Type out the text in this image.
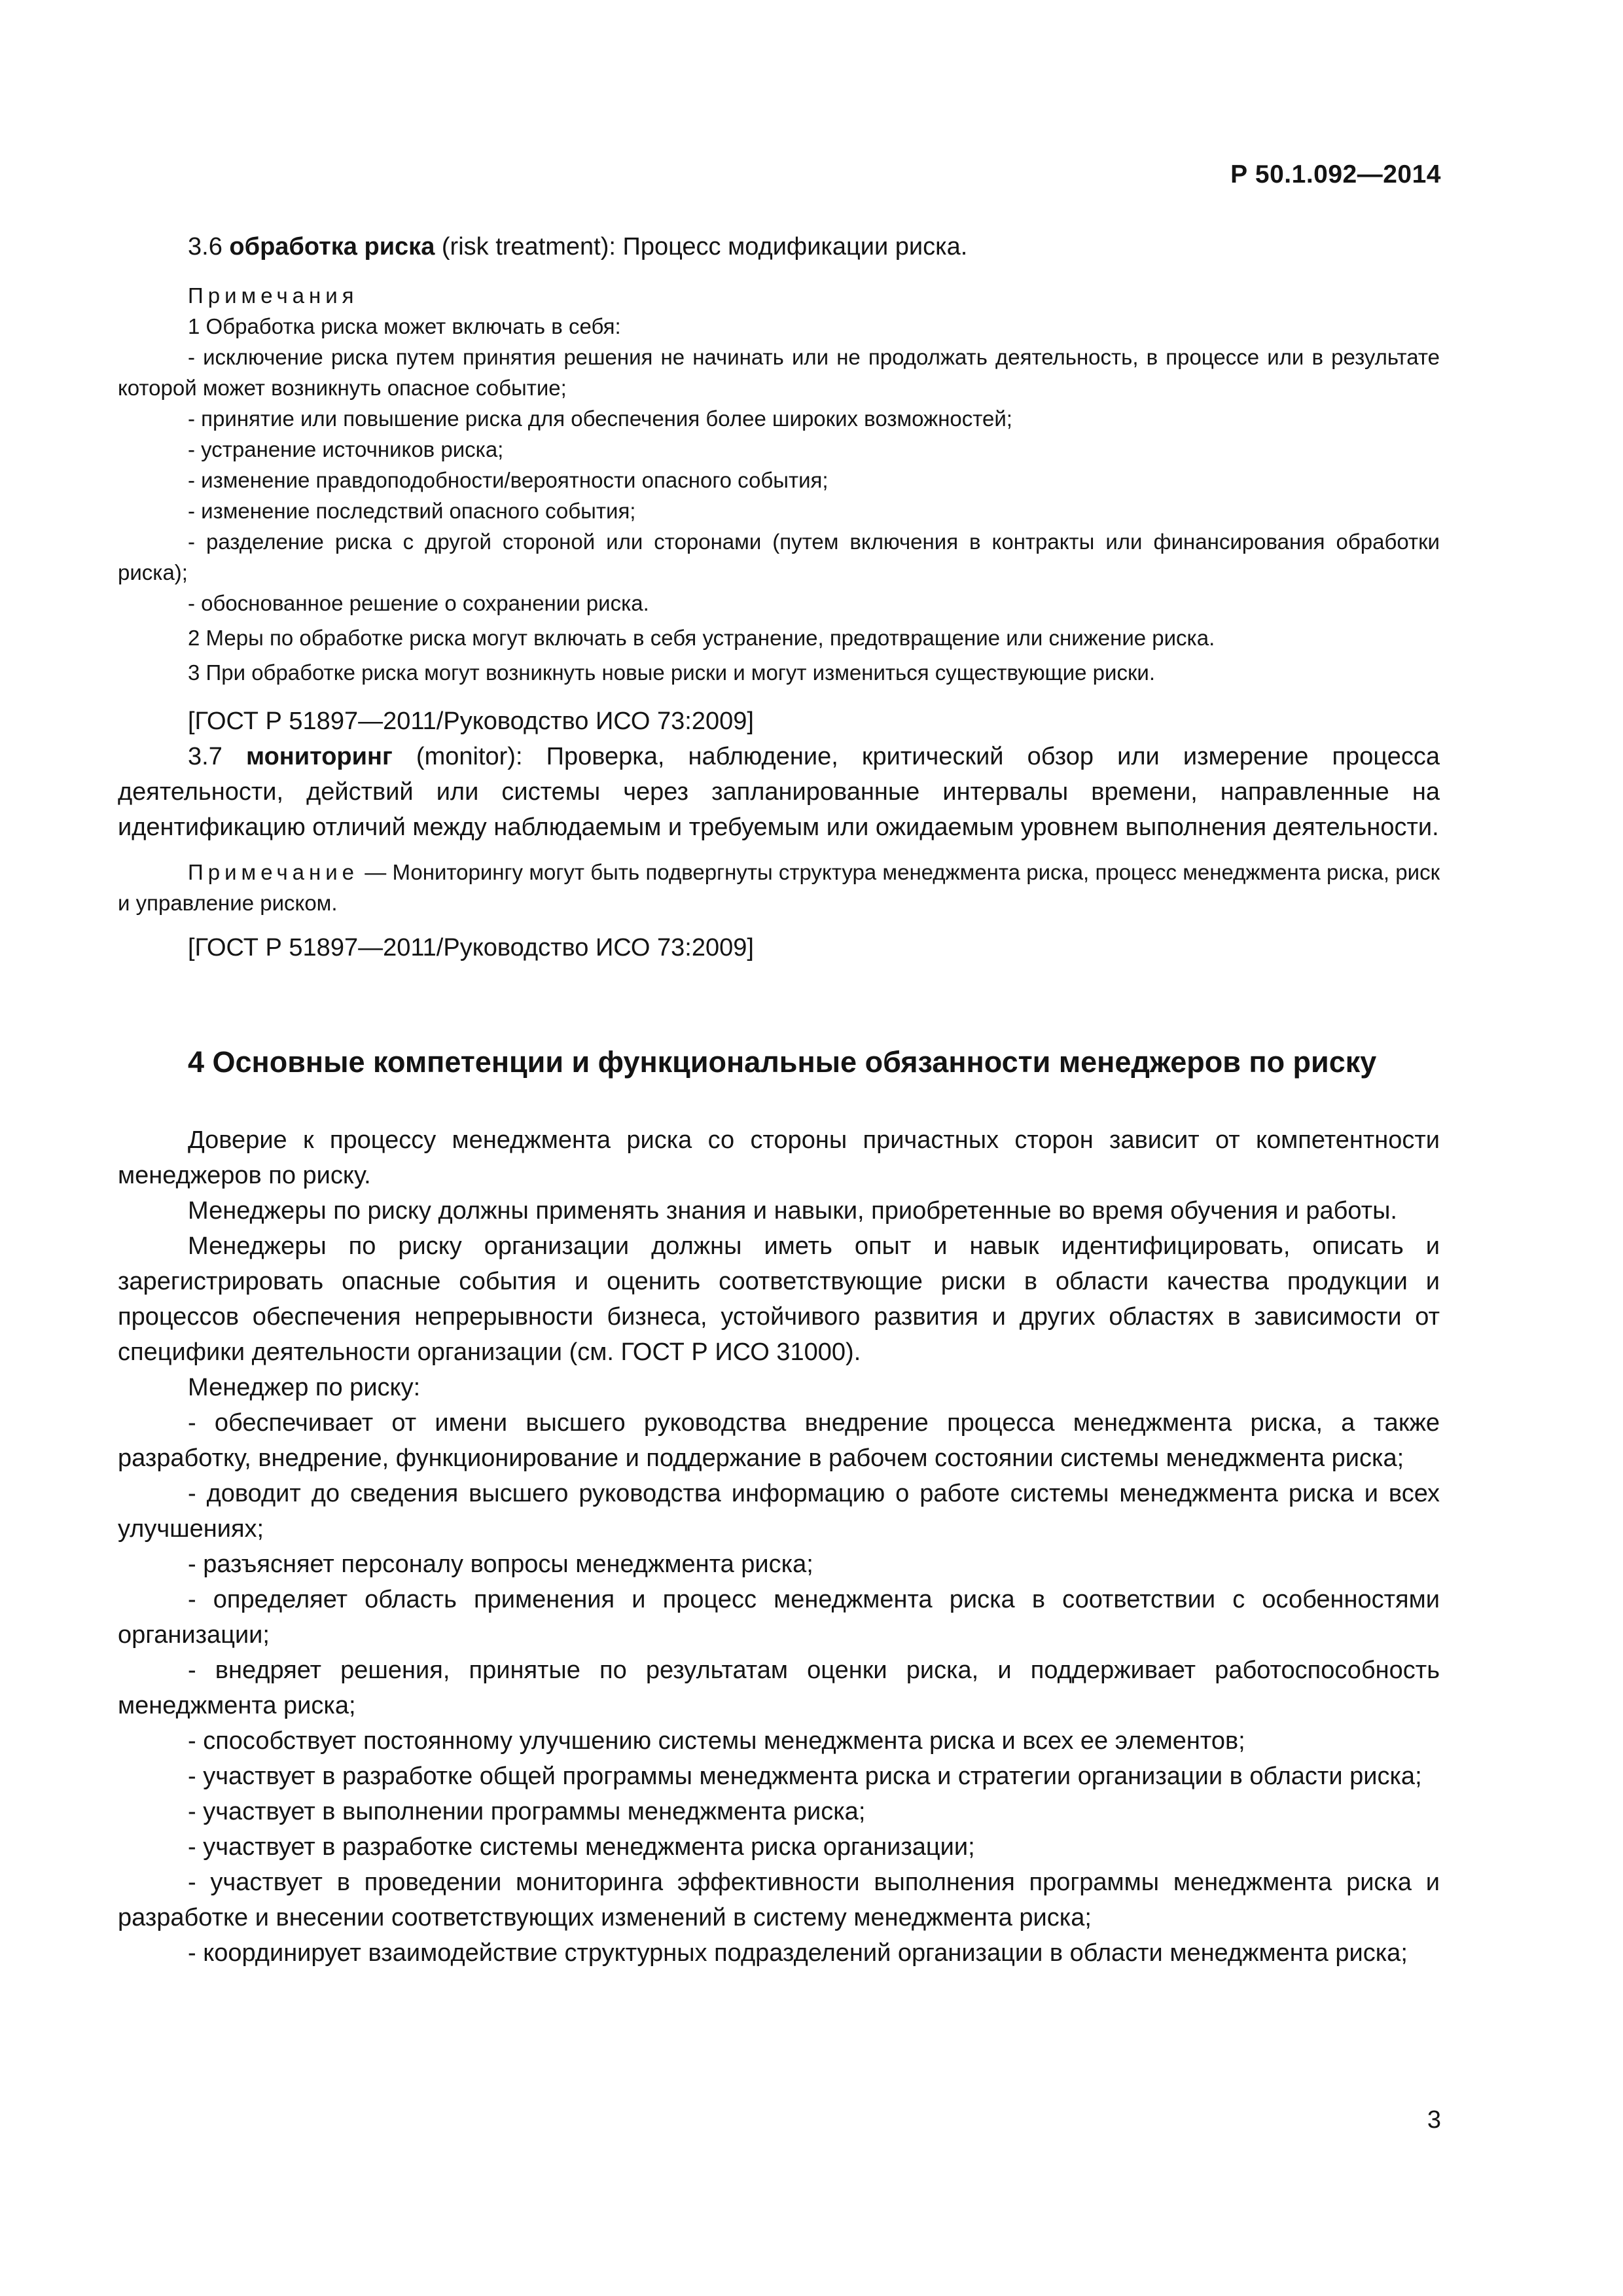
Р 50.1.092—2014

3.6 обработка риска (risk treatment): Процесс модификации риска.

Примечания

1 Обработка риска может включать в себя:

- исключение риска путем принятия решения не начинать или не продолжать деятельность, в процессе или в результате которой может возникнуть опасное событие;

- принятие или повышение риска для обеспечения более широких возможностей;

- устранение источников риска;

- изменение правдоподобности/вероятности опасного события;

- изменение последствий опасного события;

- разделение риска с другой стороной или сторонами (путем включения в контракты или финансирования обработки риска);

- обоснованное решение о сохранении риска.

2 Меры по обработке риска могут включать в себя устранение, предотвращение или снижение риска.

3 При обработке риска могут возникнуть новые риски и могут измениться существующие риски.

[ГОСТ Р 51897—2011/Руководство ИСО 73:2009]

3.7 мониторинг (monitor): Проверка, наблюдение, критический обзор или измерение процесса деятельности, действий или системы через запланированные интервалы времени, направленные на идентификацию отличий между наблюдаемым и требуемым или ожидаемым уровнем выполнения деятельности.

Примечание — Мониторингу могут быть подвергнуты структура менеджмента риска, процесс менеджмента риска, риск и управление риском.

[ГОСТ Р 51897—2011/Руководство ИСО 73:2009]

4 Основные компетенции и функциональные обязанности менеджеров по риску

Доверие к процессу менеджмента риска со стороны причастных сторон зависит от компетентности менеджеров по риску.

Менеджеры по риску должны применять знания и навыки, приобретенные во время обучения и работы.

Менеджеры по риску организации должны иметь опыт и навык идентифицировать, описать и зарегистрировать опасные события и оценить соответствующие риски в области качества продукции и процессов обеспечения непрерывности бизнеса, устойчивого развития и других областях в зависимости от специфики деятельности организации (см. ГОСТ Р ИСО 31000).

Менеджер по риску:

- обеспечивает от имени высшего руководства внедрение процесса менеджмента риска, а также разработку, внедрение, функционирование и поддержание в рабочем состоянии системы менеджмента риска;

- доводит до сведения высшего руководства информацию о работе системы менеджмента риска и всех улучшениях;

- разъясняет персоналу вопросы менеджмента риска;

- определяет область применения и процесс менеджмента риска в соответствии с особенностями организации;

- внедряет решения, принятые по результатам оценки риска, и поддерживает работоспособность менеджмента риска;

- способствует постоянному улучшению системы менеджмента риска и всех ее элементов;

- участвует в разработке общей программы менеджмента риска и стратегии организации в области риска;

- участвует в выполнении программы менеджмента риска;

- участвует в разработке системы менеджмента риска организации;

- участвует в проведении мониторинга эффективности выполнения программы менеджмента риска и разработке и внесении соответствующих изменений в систему менеджмента риска;

- координирует взаимодействие структурных подразделений организации в области менеджмента риска;

3
